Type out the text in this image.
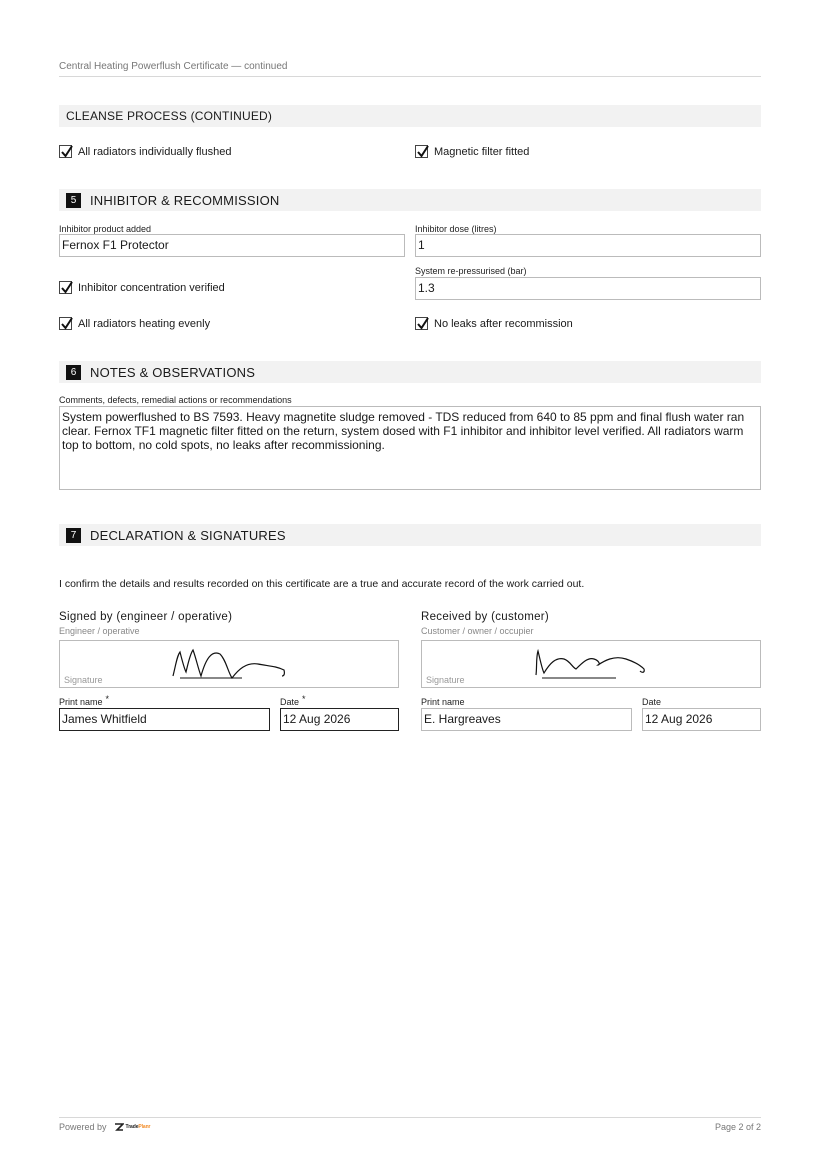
Central Heating Powerflush Certificate — continued
CLEANSE PROCESS (CONTINUED)
All radiators individually flushed	Magnetic filter fitted
5	INHIBITOR & RECOMMISSION
Inhibitor product added
Fernox F1 Protector
Inhibitor dose (litres)
1
System re-pressurised (bar)
1.3
Inhibitor concentration verified
All radiators heating evenly	No leaks after recommission
6	NOTES & OBSERVATIONS
Comments, defects, remedial actions or recommendations
System powerflushed to BS 7593. Heavy magnetite sludge removed - TDS reduced from 640 to 85 ppm and final flush water ran clear. Fernox TF1 magnetic filter fitted on the return, system dosed with F1 inhibitor and inhibitor level verified. All radiators warm top to bottom, no cold spots, no leaks after recommissioning.
7	DECLARATION & SIGNATURES
I confirm the details and results recorded on this certificate are a true and accurate record of the work carried out.
Signed by (engineer / operative)
Engineer / operative
Signature
Print name *
James Whitfield
Date *
12 Aug 2026
Received by (customer)
Customer / owner / occupier
Signature
Print name
E. Hargreaves
Date
12 Aug 2026
Powered by	TradePlanr	Page 2 of 2
